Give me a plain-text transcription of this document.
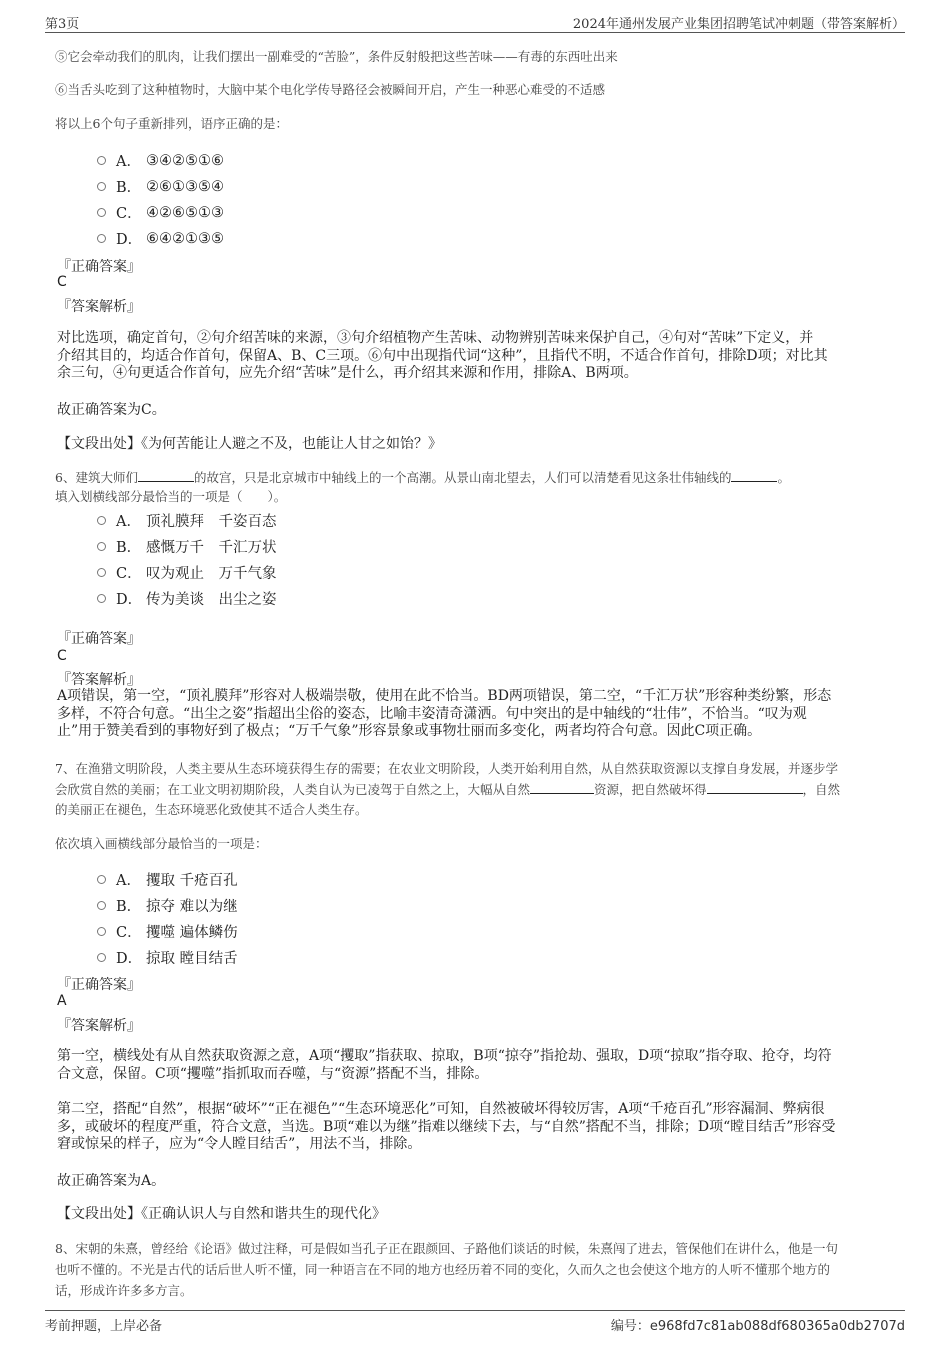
第3页	2024年通州发展产业集团招聘笔试冲刺题（带答案解析）
⑤它会牵动我们的肌肉，让我们摆出一副难受的“苦脸”，条件反射般把这些苦味——有毒的东西吐出来
⑥当舌头吃到了这种植物时，大脑中某个电化学传导路径会被瞬间开启，产生一种恶心难受的不适感
将以上6个句子重新排列，语序正确的是：
A． ③④②⑤①⑥
B． ②⑥①③⑤④
C． ④②⑥⑤①③
D． ⑥④②①③⑤
『正确答案』
C
『答案解析』
对比选项，确定首句，②句介绍苦味的来源，③句介绍植物产生苦味、动物辨别苦味来保护自己，④句对“苦味”下定义，并
介绍其目的，均适合作首句，保留A、B、C三项。⑥句中出现指代词“这种”，且指代不明，不适合作首句，排除D项；对比其
余三句，④句更适合作首句，应先介绍“苦味”是什么，再介绍其来源和作用，排除A、B两项。
故正确答案为C。
【文段出处】《为何苦能让人避之不及，也能让人甘之如饴？》
6、建筑大师们	的故宫，只是北京城市中轴线上的一个高潮。从景山南北望去，人们可以清楚看见这条壮伟轴线的	。
填入划横线部分最恰当的一项是（　　）。
A． 顶礼膜拜　千姿百态
B． 感慨万千　千汇万状
C． 叹为观止　万千气象
D． 传为美谈　出尘之姿
『正确答案』
C
『答案解析』
A项错误，第一空，“顶礼膜拜”形容对人极端崇敬，使用在此不恰当。BD两项错误，第二空，“千汇万状”形容种类纷繁，形态
多样，不符合句意。“出尘之姿”指超出尘俗的姿态，比喻丰姿清奇潇洒。句中突出的是中轴线的“壮伟”，不恰当。“叹为观
止”用于赞美看到的事物好到了极点；“万千气象”形容景象或事物壮丽而多变化，两者均符合句意。因此C项正确。
7、在渔猎文明阶段，人类主要从生态环境获得生存的需要；在农业文明阶段，人类开始利用自然，从自然获取资源以支撑自身发展，并逐步学
会欣赏自然的美丽；在工业文明初期阶段，人类自认为已凌驾于自然之上，大幅从自然	资源，把自然破坏得	，自然
的美丽正在褪色，生态环境恶化致使其不适合人类生存。
依次填入画横线部分最恰当的一项是：
A． 攫取 千疮百孔
B． 掠夺 难以为继
C． 攫噬 遍体鳞伤
D． 掠取 瞠目结舌
『正确答案』
A
『答案解析』
第一空，横线处有从自然获取资源之意，A项“攫取”指获取、掠取，B项“掠夺”指抢劫、强取，D项“掠取”指夺取、抢夺，均符
合文意，保留。C项“攫噬”指抓取而吞噬，与“资源”搭配不当，排除。
第二空，搭配“自然”，根据“破坏”“正在褪色”“生态环境恶化”可知，自然被破坏得较厉害，A项“千疮百孔”形容漏洞、弊病很
多，或破坏的程度严重，符合文意，当选。B项“难以为继”指难以继续下去，与“自然”搭配不当，排除；D项“瞠目结舌”形容受
窘或惊呆的样子，应为“令人瞠目结舌”，用法不当，排除。
故正确答案为A。
【文段出处】《正确认识人与自然和谐共生的现代化》
8、宋朝的朱熹，曾经给《论语》做过注释，可是假如当孔子正在跟颜回、子路他们谈话的时候，朱熹闯了进去，管保他们在讲什么，他是一句
也听不懂的。不光是古代的话后世人听不懂，同一种语言在不同的地方也经历着不同的变化，久而久之也会使这个地方的人听不懂那个地方的
话，形成许许多多方言。
考前押题，上岸必备	编号：e968fd7c81ab088df680365a0db2707d
